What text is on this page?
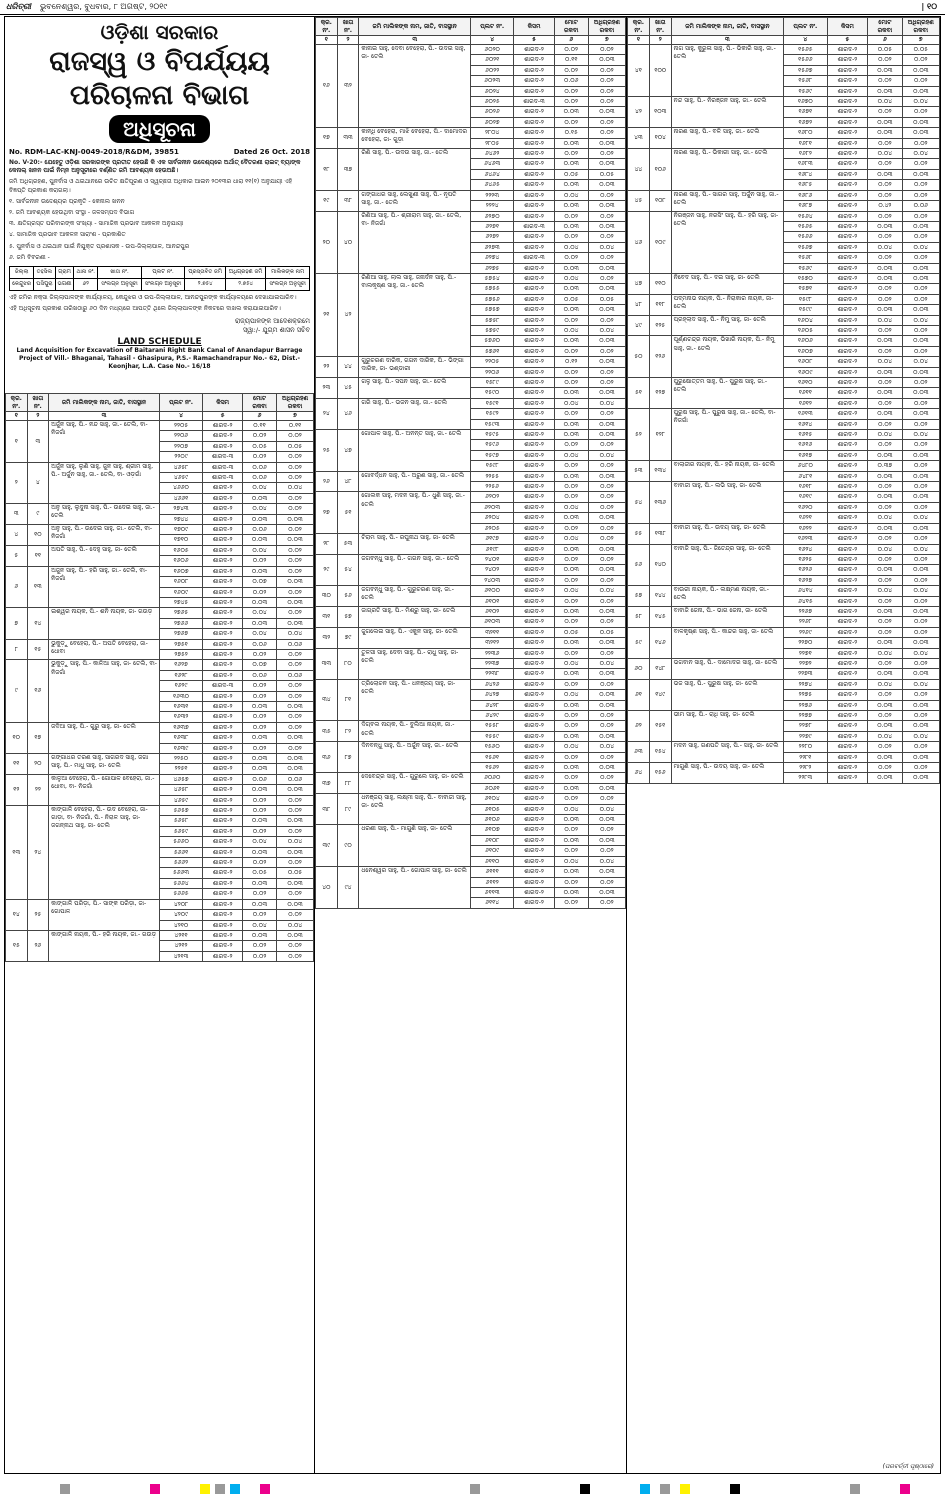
ଧରିତ୍ରୀ ଭୁବନେଶ୍ୱର, ବୁଧବାର, ୮ ଅଗଷ୍ଟ, ୨୦୧୯	| ୧୦
ଓଡ଼ିଶା ସରକାର
ରାଜସ୍ୱ ଓ ବିପର୍ଯ୍ୟୟ ପରିଚାଳନା ବିଭାଗ
ଅଧିସୂଚନା
No. RDM-LAC-KNJ-0049-2018/R&DM, 39851	Dated 26 Oct. 2018
No. V-20:- ଯେହେତୁ ଓଡ଼ିଶା ସରକାରଙ୍କ ପ୍ରତୀତ ହେଉଛି କି ଏକ ସାର୍ବଜନୀନ ଉଦ୍ଦେଶ୍ୟରେ ଅର୍ଥାତ୍ ବୈତରଣୀ ରାଇଟ୍ ବ୍ୟାଙ୍କ କେନାଲ୍ ଖନନ ପାଇଁ ନିମ୍ନ ଅନୁସୂଚୀରେ ବର୍ଣ୍ଣିତ ଜମି ଆବଶ୍ୟକ ହେଉଅଛି।
ଜମି ଅଧିଗ୍ରହଣ, ପୁନର୍ବାସ ଓ ଥଇଥାନରେ ଉଚିତ କ୍ଷତିପୂରଣ ଓ ସ୍ୱଚ୍ଛତା ଅଧିକାର ଆଇନ ୨୦୧୩ର ଧାରା ୧୧(୧) ଅନୁଯାୟୀ ଏହି ବିଜ୍ଞପ୍ତି ପ୍ରକାଶ କରାଗଲା।
୧. ସାର୍ବଜନୀନ ଉଦ୍ଦେଶ୍ୟର ପ୍ରକୃତି - କେନାଲ ଖନନ
୨. ଜମି ଆବଶ୍ୟକ ହେଉଥିବା ସଂସ୍ଥା - ଜଳସମ୍ପଦ ବିଭାଗ
୩. କ୍ଷତିଗ୍ରସ୍ତ ପରିବାରଙ୍କ ସଂଖ୍ୟା - ସାମାଜିକ ପ୍ରଭାବ ଆକଳନ ଅନୁଯାୟୀ
୪. ସାମାଜିକ ପ୍ରଭାବ ଆକଳନ ସାରାଂଶ - ପ୍ରକାଶିତ
୫. ପୁନର୍ବାସ ଓ ଥଇଥାନ ପାଇଁ ନିଯୁକ୍ତ ପ୍ରଶାସକ - ଉପ-ଜିଲ୍ଲାପାଳ, ଆନନ୍ଦପୁର
୬. ଜମି ବିବରଣୀ -
ଜିଲ୍ଲା	ତହସିଲ	ଗ୍ରାମ	ଥାନା ନଂ.	ଖାତା ନଂ.	ପ୍ଲଟ ନଂ.	ପ୍ରସ୍ତାବିତ ଜମି	ଅଧିଗ୍ରହଣ ଜମି	ମାଲିକଙ୍କ ନାମ
କେନ୍ଦୁଝର	ଘସିପୁରା	ଭଗଣୀ	୬୨	ସଂଲଗ୍ନ ଅନୁସୂଚୀ	ସଂଲଗ୍ନ ଅନୁସୂଚୀ	୨.୭୫୪	୨.୭୫୪	ସଂଲଗ୍ନ ଅନୁସୂଚୀ
ଏହି ଜମିର ନକ୍ସା ଜିଲ୍ଲାପାଳଙ୍କ କାର୍ଯ୍ୟାଳୟ, କେନ୍ଦୁଝର ଓ ଉପ-ଜିଲ୍ଲାପାଳ, ଆନନ୍ଦପୁରଙ୍କ କାର୍ଯ୍ୟାଳୟରେ ଦେଖାଯାଇପାରିବ।
ଏହି ଅଧିସୂଚନା ପ୍ରକାଶ ତାରିଖଠାରୁ ୬୦ ଦିନ ମଧ୍ୟରେ ଆପତ୍ତି ଥିଲେ ଜିଲ୍ଲାପାଳଙ୍କ ନିକଟରେ ଦାଖଲ କରାଯାଇପାରିବ।
ରାଜ୍ୟପାଳଙ୍କ ଆଦେଶକ୍ରମେ
ସ୍ୱା:/- ଯୁଗ୍ମ ଶାସନ ସଚିବ
LAND SCHEDULE
Land Acquisition for Excavation of Baitarani Right Bank Canal of Anandapur Barrage Project of Vill.- Bhaganai, Tahasil - Ghasipura, P.S.- Ramachandrapur No.- 62, Dist.- Keonjhar, L.A. Case No.- 16/18
କ୍ର. ନଂ.	ଖାତା ନଂ.	ଜମି ମାଲିକଙ୍କ ନାମ, ଜାତି, ବାସସ୍ଥାନ	ପ୍ଲଟ ନଂ.	କିସମ	ମୋଟ ରକବା	ଅଧିଗ୍ରହଣ ରକବା
୧	୨	୩	୪	୫	୬	୭
୧	୩	ଅର୍ଜୁନ ସାହୁ, ପି.- ନନ୍ଦ ସାହୁ, ଜା.- ତେଲି, ବା- ନିଜଗାଁ	୨୨୦୫	ଶାରଦ-୨	୦.୧୧	୦.୧୧
			୨୨୦୬	ଶାରଦ-୨	୦.୦୨	୦.୦୨
			୨୨୦୭	ଶାରଦ-୨	୦.୦୫	୦.୦୫
			୨୨୦୯	ଶାରଦ-୩	୦.୦୨	୦.୦୨
୨	୪	ଅର୍ଜୁନ ସାହୁ, ଲୁଣି ସାହୁ, ଜୁନ ସାହୁ, ଶ୍ରୀମ ସାହୁ, ପି.- ଅର୍ଜୁନ ସାହୁ, ଜା.- ତେଲି, ବା- ଓଡ଼ଗାଁ	୪୬୫୮	ଶାରଦ-୩	୦.୦୬	୦.୦୨
			୪୬୫୯	ଶାରଦ-୩	୦.୦୬	୦.୦୨
			୪୬୬୦	ଶାରଦ-୨	୦.୦୪	୦.୦୪
			୪୬୬୧	ଶାରଦ-୨	୦.୦୩	୦.୦୨
୩	୯	ଅନୁ ସାହୁ, ଲୁଦୁନା ସାହୁ, ପି.- ଉଦେଇ ସାହୁ, ଜା.- ତେଲି	୨୭୪୩	ଶାରଦ-୨	୦.୦୪	୦.୦୨
			୨୭୪୪	ଶାରଦ-୨	୦.୦୩	୦.୦୩
୪	୧୦	ଅନୁ ସାହୁ, ପି.- ଉଦେଇ ସାହୁ, ଜା.- ତେଲି, ବା- ନିଜଗାଁ	୧୭୦୯	ଶାରଦ-୨	୦.୦୬	୦.୦୨
			୧୭୧୦	ଶାରଦ-୨	୦.୦୩	୦.୦୩
୫	୧୧	ଅପତି ସାହୁ, ପି.- ଦେହୁ ସାହୁ, ଜା- ତେଲି	୧୬୦୫	ଶାରଦ-୨	୦.୦୪	୦.୦୨
			୧୬୦୬	ଶାରଦ-୨	୦.୦୨	୦.୦୨
୬	୧୩	ଅଜୁନ ସାହୁ, ପି.- ହରି ସାହୁ, ଜା.- ତେଲି, ବା- ନିଜଗାଁ	୧୬୦୭	ଶାରଦ-୨	୦.୦୩	୦.୦୨
			୧୬୦୮	ଶାରଦ-୨	୦.୦୭	୦.୦୩
			୧୬୦୯	ଶାରଦ-୨	୦.୦୨	୦.୦୨
			୨୭୪୫	ଶାରଦ-୨	୦.୦୩	୦.୦୩
୭	୧୪	ଇଶ୍ୱର ନାୟକ, ପି.- ଶନି ନାୟକ, ଜା- ଗଉଡ଼	୨୭୬୫	ଶାରଦ-୨	୦.୦୪	୦.୦୨
			୨୭୬୬	ଶାରଦ-୨	୦.୦୩	୦.୦୩
			୨୭୬୭	ଶାରଦ-୨	୦.୦୪	୦.୦୪
୮	୧୫	ଭୁକୁଡ଼ୁ ବେହେରା, ପି.- ଅପତି ବେହେରା, ଜା- ଧୋବା	୨୭୫୧	ଶାରଦ-୨	୦.୦୬	୦.୦୬
			୨୭୫୨	ଶାରଦ-୨	୦.୦୨	୦.୦୨
୯	୧୬	ଭୁକୁଡ଼ୁ ସାହୁ, ପି.- କାଳିଆ ସାହୁ, ଜା- ତେଲି, ବା- ନିଜଗାଁ	୧୬୨୭	ଶାରଦ-୨	୦.୦୭	୦.୦୨
			୧୬୨୮	ଶାରଦ-୨	୦.୦୬	୦.୦୬
			୧୬୨୯	ଶାରଦ-୩	୦.୦୨	୦.୦୨
			୧୬୩୦	ଶାରଦ-୨	୦.୦୨	୦.୦୨
			୧୬୩୧	ଶାରଦ-୨	୦.୦୩	୦.୦୩
			୧୬୩୨	ଶାରଦ-୨	୦.୦୨	୦.୦୨
୧୦	୧୭	ଜଦିଆ ସାହୁ, ପି.- ଗୁରୁ ସାହୁ, ଜା- ତେଲି	୧୬୩୭	ଶାରଦ-୨	୦.୦୨	୦.୦୨
			୧୬୩୮	ଶାରଦ-୨	୦.୦୩	୦.୦୩
			୧୬୩୯	ଶାରଦ-୨	୦.୦୨	୦.୦୨
୧୧	୨୦	ଗଙ୍ଗାଧର ତରଣ ସାହୁ, ସାଗରଦ ସାହୁ, ଜଗା ସାହୁ, ପି.- ମାଧୁ ସାହୁ, ଜା- ତେଲି	୨୨୫୦	ଶାରଦ-୨	୦.୦୩	୦.୦୩
			୨୨୫୧	ଶାରଦ-୨	୦.୦୩	୦.୦୩
୧୨	୨୨	କାଳୁଆ ବେହେରା, ପି.- ଗୋପାଳ ବେହେରା, ଜା.- ଧୋବା, ବା- ନିଜଗାଁ	୪୬୫୭	ଶାରଦ-୨	୦.୦୬	୦.୦୬
			୪୬୫୮	ଶାରଦ-୨	୦.୦୩	୦.୦୩
			୪୬୫୯	ଶାରଦ-୨	୦.୦୨	୦.୦୨
୧୩	୨୪	କାଙ୍ଗାଳି ବେହେରା, ପି.- ଉଦ ବେହେରା, ଜା- ଗାଡ଼ା, ବା- ନିଜଗାଁ, ପି.- ନିରାଳ ସାହୁ, ଜା- ଜଗନ୍ନାଥ ସାହୁ, ଜା- ତେଲି	୫୬୫୭	ଶାରଦ-୨	୦.୦୨	୦.୦୨
			୫୬୫୮	ଶାରଦ-୨	୦.୦୩	୦.୦୩
			୫୬୫୯	ଶାରଦ-୨	୦.୦୨	୦.୦୨
			୫୬୬୦	ଶାରଦ-୨	୦.୦୪	୦.୦୪
			୫୬୬୧	ଶାରଦ-୨	୦.୦୩	୦.୦୩
			୫୬୬୨	ଶାରଦ-୨	୦.୦୨	୦.୦୨
			୫୬୬୩	ଶାରଦ-୨	୦.୦୫	୦.୦୫
			୫୬୬୪	ଶାରଦ-୨	୦.୦୩	୦.୦୩
			୫୬୬୫	ଶାରଦ-୨	୦.୦୨	୦.୦୨
୧୪	୨୫	କାଙ୍ଗାଳି ପରିଡ଼ା, ପି.- ସାଙ୍କ ପରିଡ଼ା, ଜା- ଗୋପାଳ	୪୨୦୮	ଶାରଦ-୨	୦.୦୩	୦.୦୩
			୪୨୦୯	ଶାରଦ-୨	୦.୦୨	୦.୦୨
			୪୨୧୦	ଶାରଦ-୨	୦.୦୪	୦.୦୪
୧୫	୨୬	କାଙ୍ଗାଳି ନାୟକ, ପି.- ହରି ନାୟକ, ଜା.- ଗଉଡ଼	୪୨୧୧	ଶାରଦ-୨	୦.୦୩	୦.୦୩
			୪୨୧୨	ଶାରଦ-୨	୦.୦୨	୦.୦୨
			୪୨୧୩	ଶାରଦ-୨	୦.୦୨	୦.୦୨
କ୍ର. ନଂ.	ଖାତା ନଂ.	ଜମି ମାଲିକଙ୍କ ନାମ, ଜାତି, ବାସସ୍ଥାନ	ପ୍ଲଟ ନଂ.	କିସମ	ମୋଟ ରକବା	ଅଧିଗ୍ରହଣ ରକବା
୧	୨	୩	୪	୫	୬	୭
୧୬	୩୨	କାନାଇ ସାହୁ, ଦେବା ବେହେରା, ପି.- ଉଦଇ ସାହୁ, ଜା- ତେଲି	୬୦୨୦	ଶାରଦ-୨	୦.୦୨	୦.୦୨
			୬୦୨୧	ଶାରଦ-୨	୦.୧୧	୦.୦୩
			୬୦୨୨	ଶାରଦ-୨	୦.୦୨	୦.୦୨
			୬୦୨୩	ଶାରଦ-୨	୦.୦୬	୦.୦୨
			୬୦୨୪	ଶାରଦ-୨	୦.୦୨	୦.୦୨
			୬୦୨୫	ଶାରଦ-୩	୦.୦୨	୦.୦୨
			୬୦୨୬	ଶାରଦ-୨	୦.୦୩	୦.୦୩
			୬୦୨୭	ଶାରଦ-୨	୦.୦୨	୦.୦୨
୧୭	୩୩	କାନ୍ଧି ବେହେରା, ମାଝି ବେହେରା, ପି.- ଦାମୋଦର ବେହେରା, ଜା- ଗୁଡ଼ା	୨୮୦୪	ଶାରଦ-୨	୦.୧୫	୦.୦୨
			୨୮୦୫	ଶାରଦ-୨	୦.୦୩	୦.୦୩
୧୮	୩୭	ରିଣି ସାହୁ, ପି.- ଉଦଉ ସାହୁ, ଜା.- ତେଲି	୬୪୬୨	ଶାରଦ-୨	୦.୦୨	୦.୦୨
			୬୪୬୩	ଶାରଦ-୨	୦.୦୩	୦.୦୩
			୬୪୬୪	ଶାରଦ-୨	୦.୦୫	୦.୦୫
			୬୪୬୫	ଶାରଦ-୨	୦.୦୩	୦.୦୩
୧୯	୩୮	ଗଙ୍ଗାଧର ସାହୁ, ଲେଖୁଣୀ ସାହୁ, ପି.- ନୃପତି ସାହୁ, ଜା.- ତେଲି	୨୨୨୩	ଶାରଦ-୨	୦.୦୪	୦.୦୨
			୨୨୨୪	ଶାରଦ-୨	୦.୦୩	୦.୦୩
୨୦	୪୦	ରିଣିଆ ସାହୁ, ପି.- ଶ୍ରୀରାମ ସାହୁ, ଜା.- ତେଲି, ବା- ନିଜଗାଁ	୬୨୭୦	ଶାରଦ-୨	୦.୦୨	୦.୦୨
			୬୨୭୧	ଶାରଦ-୩	୦.୦୩	୦.୦୩
			୬୨୭୨	ଶାରଦ-୨	୦.୦୨	୦.୦୨
			୬୨୭୩	ଶାରଦ-୨	୦.୦୪	୦.୦୪
			୬୨୭୪	ଶାରଦ-୩	୦.୦୨	୦.୦୨
			୬୨୭୫	ଶାରଦ-୨	୦.୦୩	୦.୦୩
୨୧	୪୨	ରିଣିଆ ସାହୁ, ଲାଲ ସାହୁ, ଜନାର୍ଦନ ସାହୁ, ପି.- ବାଲକୃଷ୍ଣ ସାହୁ, ଜା.- ତେଲି	୫୭୫୪	ଶାରଦ-୨	୦.୦୪	୦.୦୨
			୫୭୫୫	ଶାରଦ-୨	୦.୦୩	୦.୦୩
			୫୭୫୬	ଶାରଦ-୨	୦.୦୫	୦.୦୫
			୫୭୫୭	ଶାରଦ-୨	୦.୦୩	୦.୦୩
			୫୭୫୮	ଶାରଦ-୨	୦.୦୨	୦.୦୨
			୫୭୫୯	ଶାରଦ-୨	୦.୦୪	୦.୦୪
			୫୭୬୦	ଶାରଦ-୨	୦.୦୩	୦.୦୩
			୫୭୬୧	ଶାରଦ-୨	୦.୦୨	୦.୦୨
୨୨	୪୪	ଗୁରୁଚରଣ ଦାରିକ, ଗଗନ ଦାରିକ, ପି.- ଭିଙ୍ଗା ଦାରିକ, ଜା- ଭଣ୍ଡାରୀ	୨୨୦୫	ଶାରଦ-୨	୦.୧୨	୦.୦୩
			୨୨୦୬	ଶାରଦ-୨	୦.୦୨	୦.୦୨
୨୩	୪୫	ଗଳୁ ସାହୁ, ପି.- ସପନ ସାହୁ, ଜା.- ତେଲି	୧୫୮୯	ଶାରଦ-୨	୦.୦୨	୦.୦୨
			୧୫୯୦	ଶାରଦ-୨	୦.୦୩	୦.୦୩
୨୪	୪୬	ଗରି ସାହୁ, ପି.- ଭଜନ ସାହୁ, ଜା.- ତେଲି	୧୫୯୧	ଶାରଦ-୨	୦.୦୪	୦.୦୪
			୧୫୯୨	ଶାରଦ-୨	୦.୦୨	୦.୦୨
			୧୫୯୩	ଶାରଦ-୨	୦.୦୩	୦.୦୩
୨୫	୪୭	ଗୋପାଳ ସାହୁ, ପି.- ଅନନ୍ତ ସାହୁ, ଜା.- ତେଲି	୧୫୯୫	ଶାରଦ-୨	୦.୦୩	୦.୦୩
			୧୫୯୬	ଶାରଦ-୨	୦.୦୨	୦.୦୨
			୧୫୯୭	ଶାରଦ-୨	୦.୦୪	୦.୦୪
			୧୫୯୮	ଶାରଦ-୨	୦.୦୨	୦.୦୨
୨୬	୪୮	ଗୋବର୍ଦ୍ଧନ ସାହୁ, ପି.- ଅରୁଣ ସାହୁ, ଜା.- ତେଲି	୨୨୫୫	ଶାରଦ-୨	୦.୦୩	୦.୦୩
			୨୨୫୬	ଶାରଦ-୨	୦.୦୨	୦.୦୨
୨୭	୫୧	ଗୋଲକ ସାହୁ, ମଦନ ସାହୁ, ପି.- ଧୁଣି ସାହୁ, ଜା.- ତେଲି	୬୨୦୨	ଶାରଦ-୨	୦.୦୨	୦.୦୨
			୬୨୦୩	ଶାରଦ-୨	୦.୦୪	୦.୦୨
			୬୨୦୪	ଶାରଦ-୨	୦.୦୩	୦.୦୩
			୬୨୦୫	ଶାରଦ-୨	୦.୦୨	୦.୦୨
୨୮	୫୩	ଟିରାମ ସାହୁ, ପି.- ରଘୁନାଥ ସାହୁ, ଜା- ତେଲି	୬୧୯୭	ଶାରଦ-୨	୦.୦୪	୦.୦୨
			୬୧୯୮	ଶାରଦ-୨	୦.୦୩	୦.୦୩
୨୯	୫୪	ଜଗବନ୍ଧୁ ସାହୁ, ପି.- ଗଗନ ସାହୁ, ଜା.- ତେଲି	୨୪୦୧	ଶାରଦ-୨	୦.୦୨	୦.୦୨
			୨୪୦୨	ଶାରଦ-୨	୦.୦୩	୦.୦୩
			୨୪୦୩	ଶାରଦ-୨	୦.୦୨	୦.୦୨
୩୦	୫୬	ଜଗବନ୍ଧୁ ସାହୁ, ପି.- ଗୁରୁଚରଣ ସାହୁ, ଜା.- ତେଲି	୬୧୦୦	ଶାରଦ-୨	୦.୦୪	୦.୦୪
			୬୧୦୧	ଶାରଦ-୨	୦.୦୨	୦.୦୨
୩୧	୫୭	ଜାଗ୍ରତି ସାହୁ, ପି.- ମିଶ୍ରୁ ସାହୁ, ଜା- ତେଲି	୬୧୦୨	ଶାରଦ-୨	୦.୦୩	୦.୦୩
			୬୧୦୩	ଶାରଦ-୨	୦.୦୨	୦.୦୨
୩୨	୭୯	ଜୁଗଲେଇ ସାହୁ, ପି.- ଏକୁନ ସାହୁ, ଜା- ତେଲି	୩୨୧୧	ଶାରଦ-୨	୦.୦୫	୦.୦୫
			୩୨୧୨	ଶାରଦ-୨	୦.୦୩	୦.୦୩
୩୩	୮୦	ତୁଳସୀ ସାହୁ, ଦେବା ସାହୁ, ପି.- ରାଧୁ ସାହୁ, ଜା- ତେଲି	୨୨୩୬	ଶାରଦ-୨	୦.୦୨	୦.୦୨
			୨୨୩୭	ଶାରଦ-୨	୦.୦୪	୦.୦୪
			୨୨୩୮	ଶାରଦ-୨	୦.୦୩	୦.୦୩
୩୪	୮୧	ତ୍ରିଲୋଚନ ସାହୁ, ପି.- ଧନଞ୍ଜୟ ସାହୁ, ଜା- ତେଲି	୬୪୨୬	ଶାରଦ-୨	୦.୦୨	୦.୦୨
			୬୪୨୭	ଶାରଦ-୨	୦.୦୪	୦.୦୩
			୬୪୨୮	ଶାରଦ-୨	୦.୦୩	୦.୦୩
			୬୪୨୯	ଶାରଦ-୨	୦.୦୨	୦.୦୨
୩୫	୮୨	ଦିଗ୍ବଲ ନାୟକ, ପି.- ବୁଲିଆ ନାୟକ, ଜା.- ତେଲି	୧୫୫୮	ଶାରଦ-୨	୦.୦୨	୦.୦୨
			୧୫୫୯	ଶାରଦ-୨	୦.୦୩	୦.୦୩
୩୬	୮୭	ଦିନବନ୍ଧୁ ସାହୁ, ପି.- ଅର୍ଜୁନ ସାହୁ, ଜା.- ତେଲି	୧୫୬୦	ଶାରଦ-୨	୦.୦୪	୦.୦୪
			୧୫୬୧	ଶାରଦ-୨	୦.୦୨	୦.୦୨
			୧୫୬୨	ଶାରଦ-୨	୦.୦୩	୦.୦୩
୩୭	୮୮	ଦେବେନ୍ଦ୍ର ସାହୁ, ପି.- ଗୁରୁଲେ ସାହୁ, ଜା- ତେଲି	୬୦୬୦	ଶାରଦ-୨	୦.୦୨	୦.୦୨
			୬୦୬୧	ଶାରଦ-୨	୦.୦୩	୦.୦୩
୩୮	୮୯	ଧନଞ୍ଜୟ ସାହୁ, ଲକ୍ଷ୍ମୀ ସାହୁ, ପି.- ବାବାଜୀ ସାହୁ, ଜା- ତେଲି	୬୧୦୪	ଶାରଦ-୨	୦.୦୨	୦.୦୨
			୬୧୦୫	ଶାରଦ-୨	୦.୦୪	୦.୦୪
			୬୧୦୬	ଶାରଦ-୨	୦.୦୩	୦.୦୩
୩୯	୯୦	ଧରଣୀ ସାହୁ, ପି.- ମାଗୁଣି ସାହୁ, ଜା- ତେଲି	୬୧୦୭	ଶାରଦ-୨	୦.୦୨	୦.୦୨
			୬୧୦୮	ଶାରଦ-୨	୦.୦୩	୦.୦୩
			୬୧୦୯	ଶାରଦ-୨	୦.୦୨	୦.୦୨
			୬୧୧୦	ଶାରଦ-୨	୦.୦୪	୦.୦୪
୪୦	୯୪	ଧନେଶ୍ୱର ସାହୁ, ପି.- ଗୋପାଳ ସାହୁ, ଜା- ତେଲି	୬୧୧୧	ଶାରଦ-୨	୦.୦୩	୦.୦୩
			୬୧୧୨	ଶାରଦ-୨	୦.୦୨	୦.୦୨
			୬୧୧୩	ଶାରଦ-୨	୦.୦୩	୦.୦୩
			୬୧୧୪	ଶାରଦ-୨	୦.୦୨	୦.୦୨
କ୍ର. ନଂ.	ଖାତା ନଂ.	ଜମି ମାଲିକଙ୍କ ନାମ, ଜାତି, ବାସସ୍ଥାନ	ପ୍ଲଟ ନଂ.	କିସମ	ମୋଟ ରକବା	ଅଧିଗ୍ରହଣ ରକବା
୧	୨	୩	୪	୫	୬	୭
୪୧	୧୦୦	ନାଗ ସାହୁ, କୁରୁଳା ସାହୁ, ପି.- ଭିକାରି ସାହୁ, ଜା.- ତେଲି	୧୫୬୫	ଶାରଦ-୨	୦.୦୫	୦.୦୫
			୧୫୬୬	ଶାରଦ-୨	୦.୦୨	୦.୦୨
			୧୫୬୭	ଶାରଦ-୨	୦.୦୩	୦.୦୩
			୧୫୬୮	ଶାରଦ-୨	୦.୦୨	୦.୦୨
			୧୫୬୯	ଶାରଦ-୨	୦.୦୩	୦.୦୩
୪୨	୧୦୩	ନନ୍ଦ ସାହୁ, ପି.- ନିରଞ୍ଜନ ସାହୁ, ଜା.- ତେଲି	୧୬୭୦	ଶାରଦ-୨	୦.୦୪	୦.୦୪
			୧୬୭୧	ଶାରଦ-୨	୦.୦୨	୦.୦୨
			୧୬୭୨	ଶାରଦ-୨	୦.୦୩	୦.୦୩
୪୩	୧୦୪	ନାରଣ ସାହୁ, ପି.- ବଳି ସାହୁ, ଜା.- ତେଲି	୧୬୮୦	ଶାରଦ-୨	୦.୦୩	୦.୦୩
			୧୬୮୧	ଶାରଦ-୨	୦.୦୨	୦.୦୨
୪୪	୧୦୬	ନାରଣ ସାହୁ, ପି.- ଭିକାରୀ ସାହୁ, ଜା.- ତେଲି	୧୬୮୨	ଶାରଦ-୨	୦.୦୪	୦.୦୪
			୧୬୮୩	ଶାରଦ-୨	୦.୦୨	୦.୦୨
			୧୬୮୪	ଶାରଦ-୨	୦.୦୩	୦.୦୩
			୧୬୮୫	ଶାରଦ-୨	୦.୦୨	୦.୦୨
୪୫	୧୦୮	ନାରଣ ସାହୁ, ପି.- ସାଗର ସାହୁ, ଅର୍ଜୁନ ସାହୁ, ଜା.- ତେଲି	୧୬୮୬	ଶାରଦ-୨	୦.୦୨	୦.୦୨
			୧୬୮୭	ଶାରଦ-୨	୦.୪୨	୦.୦୬
୪୬	୧୦୯	ନିରଞ୍ଜନ ସାହୁ, ନରସିଂ ସାହୁ, ପି.- ହରି ସାହୁ, ଜା- ତେଲି	୧୫୬୪	ଶାରଦ-୨	୦.୦୨	୦.୦୨
			୧୫୬୫	ଶାରଦ-୨	୦.୦୩	୦.୦୩
			୧୫୬୬	ଶାରଦ-୨	୦.୦୨	୦.୦୨
			୧୫୬୭	ଶାରଦ-୨	୦.୦୪	୦.୦୪
			୧୫୬୮	ଶାରଦ-୨	୦.୦୨	୦.୦୨
			୧୫୬୯	ଶାରଦ-୨	୦.୦୩	୦.୦୩
୪୭	୧୧୦	ନିବେଦ ସାହୁ, ପି.- ଦଇ ସାହୁ, ଜା- ତେଲି	୧୫୭୦	ଶାରଦ-୨	୦.୦୩	୦.୦୩
			୧୫୭୧	ଶାରଦ-୨	୦.୦୨	୦.୦୨
୪୮	୧୧୮	ପଦ୍ମନାଭ ନାୟକ, ପି.- ନିରାକାର ନାୟକ, ଜା- ତେଲି	୧୫୯୮	ଶାରଦ-୨	୦.୦୨	୦.୦୨
			୧୫୯୯	ଶାରଦ-୨	୦.୦୩	୦.୦୩
୪୯	୧୨୫	ପ୍ରହ୍ଲାଦ ସାହୁ, ପି.- ନିମୁ ସାହୁ, ଜା- ତେଲି	୧୬୦୪	ଶାରଦ-୨	୦.୦୪	୦.୦୪
			୧୬୦୫	ଶାରଦ-୨	୦.୦୨	୦.୦୨
୫୦	୧୨୬	ପୂର୍ଣ୍ଣଚନ୍ଦ୍ର ନାୟକ, ଭିଖାରି ନାୟକ, ପି.- ନିମୁ ସାହୁ, ଜା.- ତେଲି	୧୬୦୬	ଶାରଦ-୨	୦.୦୩	୦.୦୩
			୧୬୦୭	ଶାରଦ-୨	୦.୦୨	୦.୦୨
			୧୬୦୮	ଶାରଦ-୨	୦.୦୪	୦.୦୪
			୧୬୦୯	ଶାରଦ-୨	୦.୦୩	୦.୦୩
୫୧	୧୨୭	ପୁରୁଷୋତ୍ତମ ସାହୁ, ପି.- ପୁରୁଷ ସାହୁ, ଜା.- ତେଲି	୧୬୧୦	ଶାରଦ-୨	୦.୦୨	୦.୦୨
			୧୬୧୧	ଶାରଦ-୨	୦.୦୩	୦.୦୩
			୧୬୧୨	ଶାରଦ-୨	୦.୦୨	୦.୦୨
୫୨	୧୨୮	ପୁରୁଷ ସାହୁ, ପି.- ପୁରୁଷ ସାହୁ, ଜା.- ତେଲି, ବା- ନିଜଗାଁ	୧୬୧୩	ଶାରଦ-୨	୦.୦୩	୦.୦୩
			୧୬୧୪	ଶାରଦ-୨	୦.୦୨	୦.୦୨
			୧୬୧୫	ଶାରଦ-୨	୦.୦୪	୦.୦୪
			୧୬୧୬	ଶାରଦ-୨	୦.୦୨	୦.୦୨
			୧୬୧୭	ଶାରଦ-୨	୦.୦୩	୦.୦୩
୫୩	୧୩୪	ବାଲାଜୀର ନାୟକ, ପି.- ହରି ନାୟକ, ଜା- ତେଲି	୬୪୮୦	ଶାରଦ-୨	୦.୩୭	୦.୦୨
			୬୪୮୧	ଶାରଦ-୨	୦.୦୩	୦.୦୩
୫୪	୧୩୬	ବାବାଜୀ ସାହୁ, ପି.- ଲଭି ସାହୁ, ଜା- ତେଲି	୧୬୧୮	ଶାରଦ-୨	୦.୦୨	୦.୦୨
			୧୬୧୯	ଶାରଦ-୨	୦.୦୩	୦.୦୩
			୧୬୨୦	ଶାରଦ-୨	୦.୦୨	୦.୦୨
			୧୬୨୧	ଶାରଦ-୨	୦.୦୪	୦.୦୪
୫୫	୧୩୮	ବାବାଜୀ ସାହୁ, ପି.- ଉଦୟ ସାହୁ, ଜା- ତେଲି	୧୬୨୨	ଶାରଦ-୨	୦.୦୩	୦.୦୩
			୧୬୨୩	ଶାରଦ-୨	୦.୦୨	୦.୦୨
୫୬	୧୪୦	ବାବାଜି ସାହୁ, ପି.- ଜିତେନ୍ଦ୍ର ସାହୁ, ଜା- ତେଲି	୧୬୨୪	ଶାରଦ-୨	୦.୦୪	୦.୦୪
			୧୬୨୫	ଶାରଦ-୨	୦.୦୨	୦.୦୨
			୧୬୨୬	ଶାରଦ-୨	୦.୦୩	୦.୦୩
			୧୬୨୭	ଶାରଦ-୨	୦.୦୨	୦.୦୨
୫୭	୧୪୪	ବାଉରୀ ନାୟକ, ପି.- ଲକ୍ଷ୍ମଣ ନାୟକ, ଜା.- ତେଲି	୬୪୧୪	ଶାରଦ-୨	୦.୦୪	୦.୦୪
			୬୪୧୫	ଶାରଦ-୨	୦.୦୨	୦.୦୨
୫୮	୧୪୫	ବାବାଜି ଜେନା, ପି.- ଭାଗ ଜେନା, ଜା- ତେଲି	୨୨୬୭	ଶାରଦ-୨	୦.୦୩	୦.୦୩
			୨୨୬୮	ଶାରଦ-୨	୦.୦୨	୦.୦୨
୫୯	୧୪୬	ବାଳକୃଷ୍ଣ ସାହୁ, ପି.- କାନ୍ଦର ସାହୁ, ଜା- ତେଲି	୨୨୬୯	ଶାରଦ-୨	୦.୦୨	୦.୦୨
			୨୨୭୦	ଶାରଦ-୨	୦.୦୩	୦.୦୩
			୨୨୭୧	ଶାରଦ-୨	୦.୦୪	୦.୦୪
୬୦	୧୪୮	ଭଗବାନ ସାହୁ, ପି.- ଦାମୋଦର ସାହୁ, ଜା- ତେଲି	୨୨୭୨	ଶାରଦ-୨	୦.୦୨	୦.୦୨
			୨୨୭୩	ଶାରଦ-୨	୦.୦୩	୦.୦୩
୬୧	୧୪୯	ଭଜ ସାହୁ, ପି.- ପୁରୁଷ ସାହୁ, ଜା- ତେଲି	୨୨୭୪	ଶାରଦ-୨	୦.୦୪	୦.୦୪
			୨୨୭୫	ଶାରଦ-୨	୦.୦୨	୦.୦୨
			୨୨୭୬	ଶାରଦ-୨	୦.୦୩	୦.୦୩
୬୨	୧୫୧	ଭୀମ ସାହୁ, ପି.- ରାଧି ସାହୁ, ଜା- ତେଲି	୨୨୭୭	ଶାରଦ-୨	୦.୦୨	୦.୦୨
			୨୨୭୮	ଶାରଦ-୨	୦.୦୩	୦.୦୩
			୨୨୭୯	ଶାରଦ-୨	୦.୦୪	୦.୦୪
୬୩	୧୫୪	ମଦନ ସାହୁ, ଗଣପତି ସାହୁ, ପି.- ସାହୁ, ଜା- ତେଲି	୨୨୮୦	ଶାରଦ-୨	୦.୦୨	୦.୦୨
			୨୨୮୧	ଶାରଦ-୨	୦.୦୩	୦.୦୩
୬୪	୧୫୬	ମାଗୁଣି ସାହୁ, ପି.- ଉଦୟ ସାହୁ, ଜା- ତେଲି	୨୨୮୨	ଶାରଦ-୨	୦.୦୨	୦.୦୨
			୨୨୮୩	ଶାରଦ-୨	୦.୦୩	୦.୦୩
(ପରବର୍ତ୍ତୀ ପୃଷ୍ଠାରେ)
